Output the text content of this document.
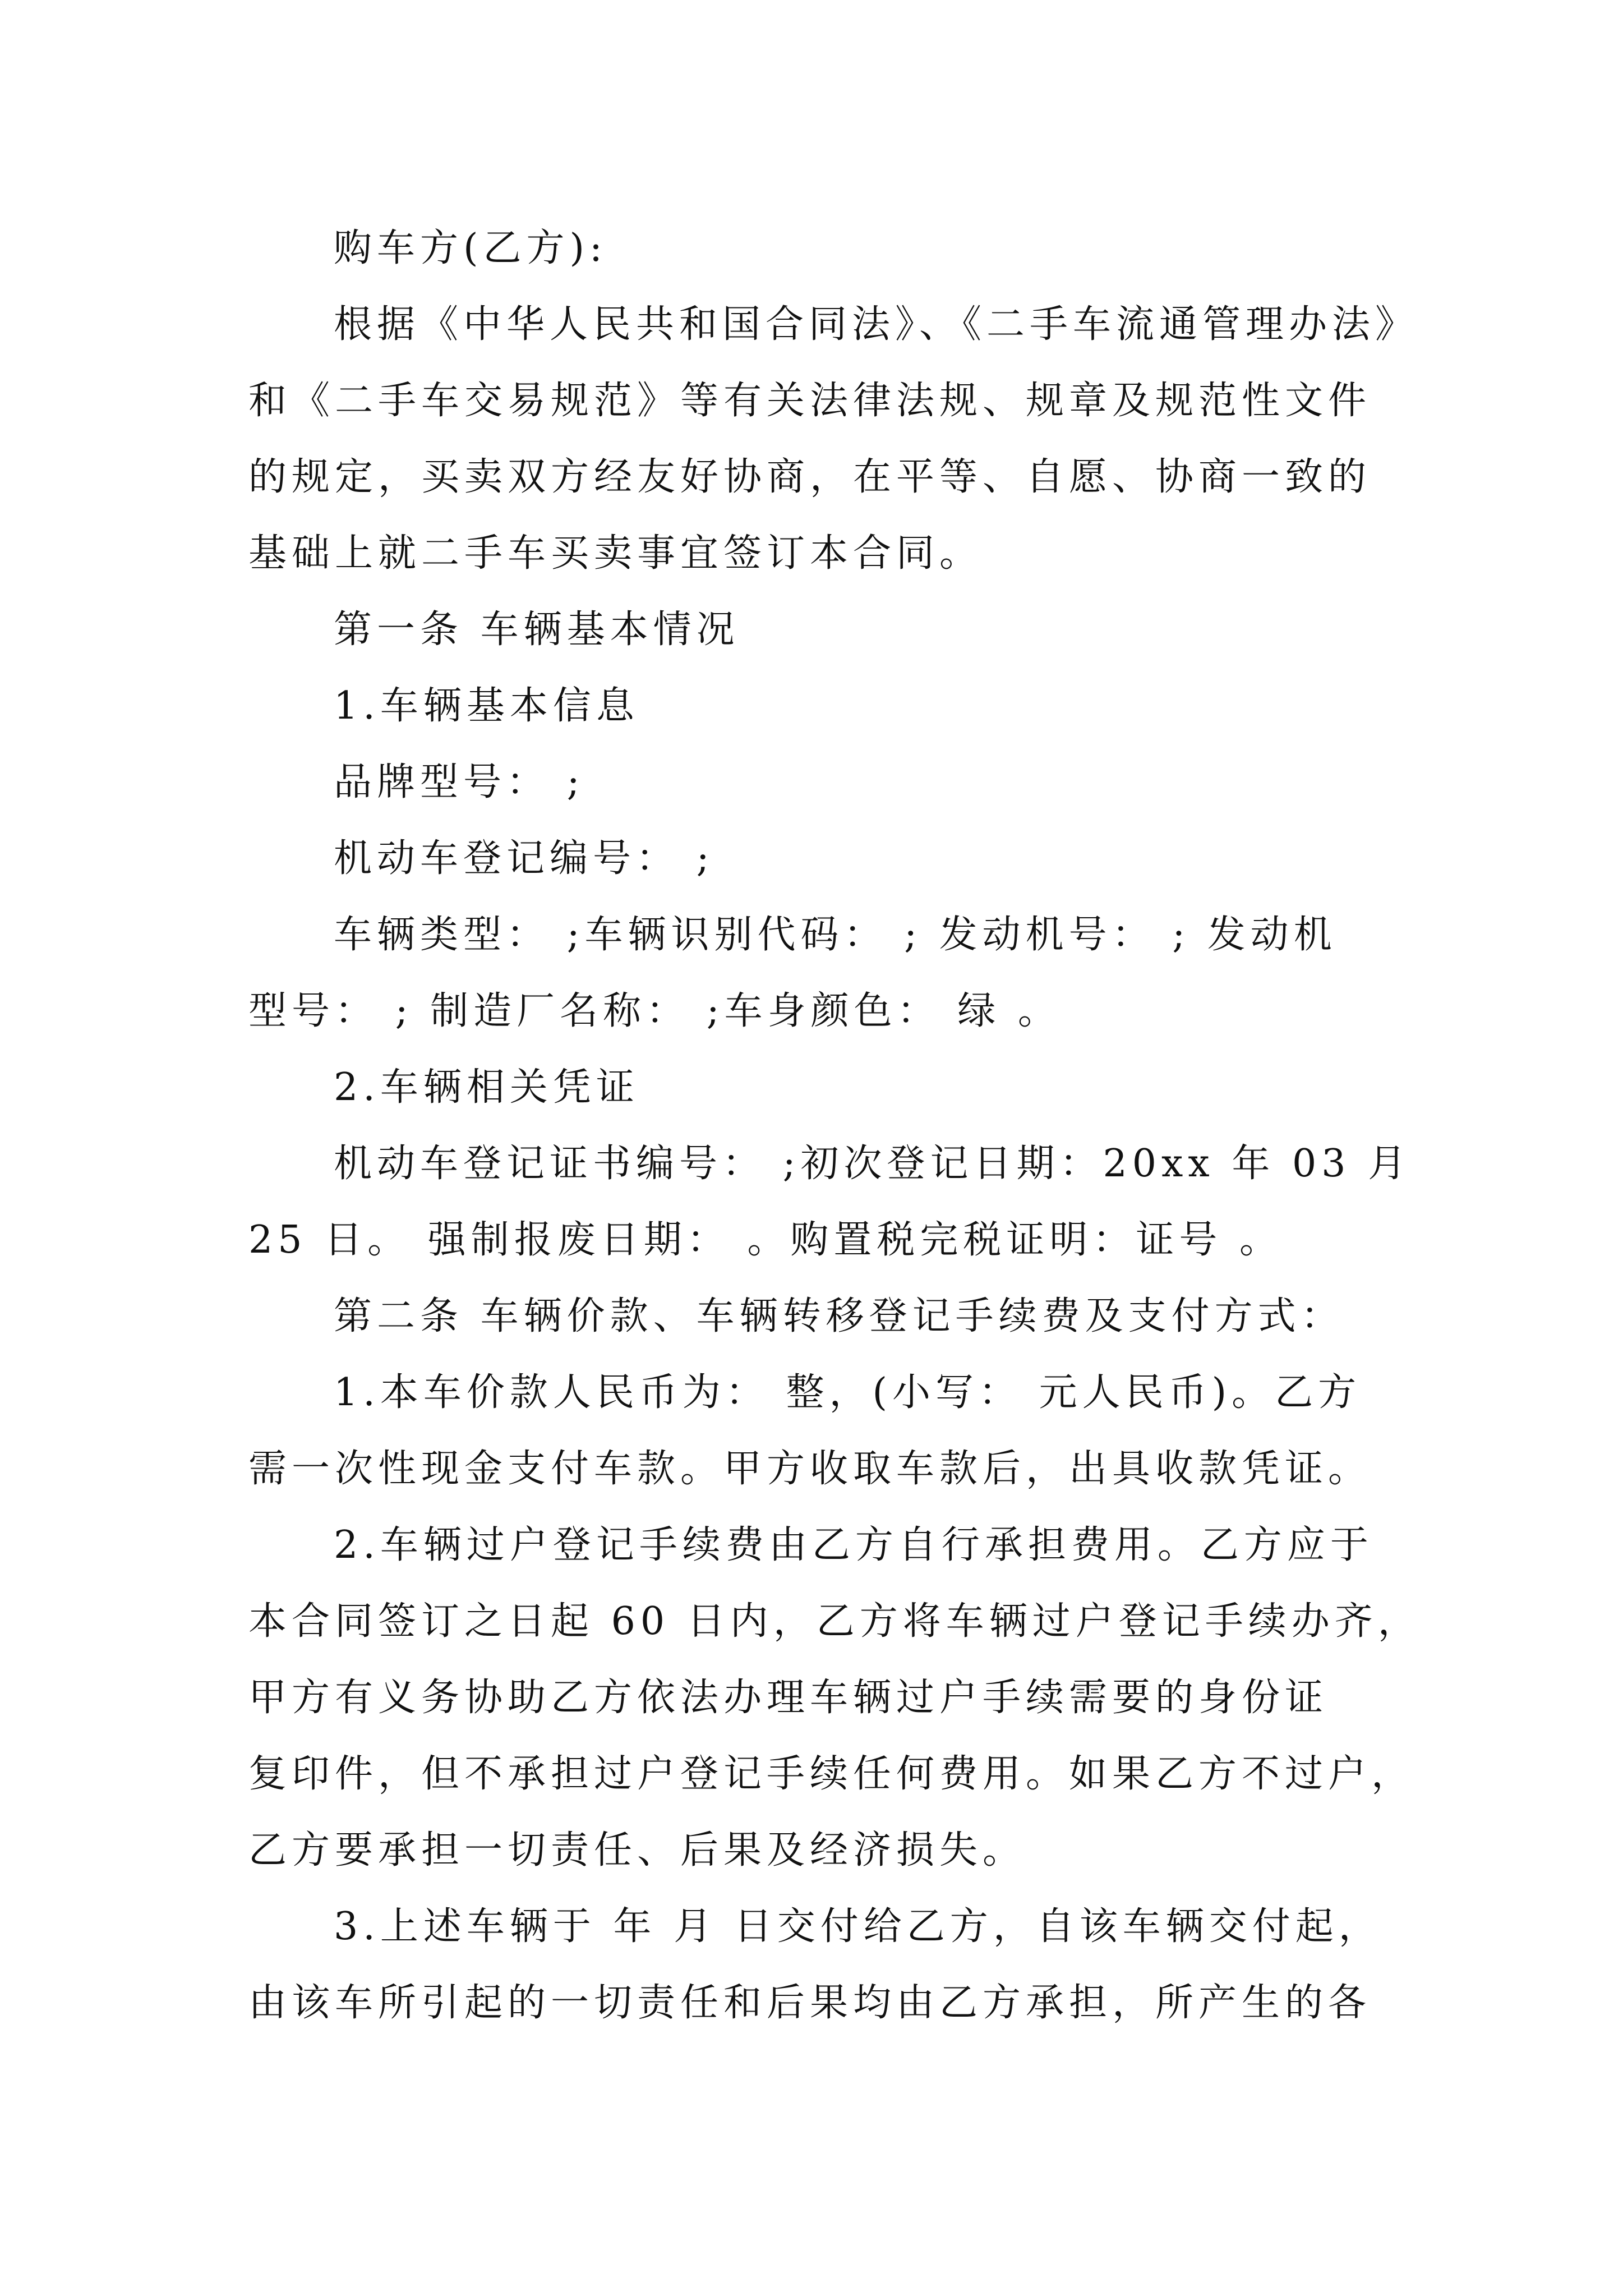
购车方(乙方):
根据《中华人民共和国合同法》、《二手车流通管理办法》
和《二手车交易规范》等有关法律法规、规章及规范性文件
的规定，买卖双方经友好协商，在平等、自愿、协商一致的
基础上就二手车买卖事宜签订本合同。
第一条 车辆基本情况
1.车辆基本信息
品牌型号： ;
机动车登记编号： ;
车辆类型： ;车辆识别代码： ; 发动机号： ; 发动机
型号： ; 制造厂名称： ;车身颜色： 绿 。
2.车辆相关凭证
机动车登记证书编号： ;初次登记日期：20xx 年 03 月
25 日。 强制报废日期： 。购置税完税证明：证号 。
第二条 车辆价款、车辆转移登记手续费及支付方式：
1.本车价款人民币为： 整，(小写： 元人民币)。乙方
需一次性现金支付车款。甲方收取车款后，出具收款凭证。
2.车辆过户登记手续费由乙方自行承担费用。乙方应于
本合同签订之日起 60 日内，乙方将车辆过户登记手续办齐，
甲方有义务协助乙方依法办理车辆过户手续需要的身份证
复印件，但不承担过户登记手续任何费用。如果乙方不过户，
乙方要承担一切责任、后果及经济损失。
3.上述车辆于 年 月 日交付给乙方，自该车辆交付起，
由该车所引起的一切责任和后果均由乙方承担，所产生的各
